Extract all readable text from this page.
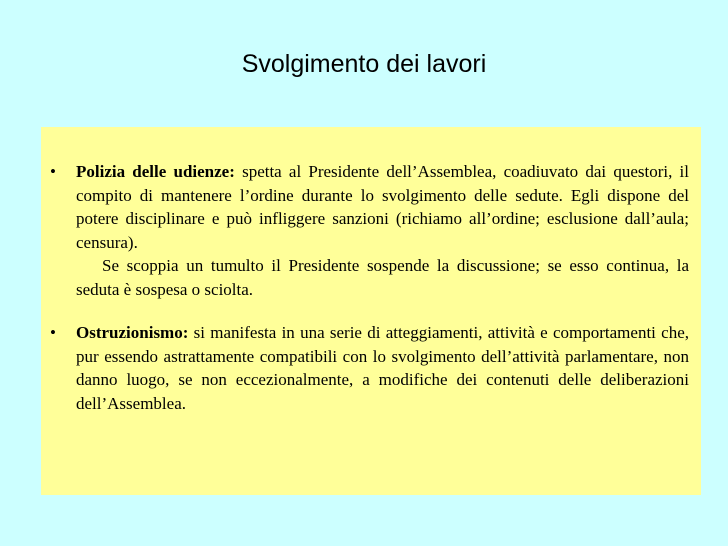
Svolgimento dei lavori
• Polizia delle udienze: spetta al Presidente dell’Assemblea, coadiuvato dai questori, il compito di mantenere l’ordine durante lo svolgimento delle sedute. Egli dispone del potere disciplinare e può infliggere sanzioni (richiamo all’ordine; esclusione dall’aula; censura).
Se scoppia un tumulto il Presidente sospende la discussione; se esso continua, la seduta è sospesa o sciolta.
• Ostruzionismo: si manifesta in una serie di atteggiamenti, attività e comportamenti che, pur essendo astrattamente compatibili con lo svolgimento dell’attività parlamentare, non danno luogo, se non eccezionalmente, a modifiche dei contenuti delle deliberazioni dell’Assemblea.
